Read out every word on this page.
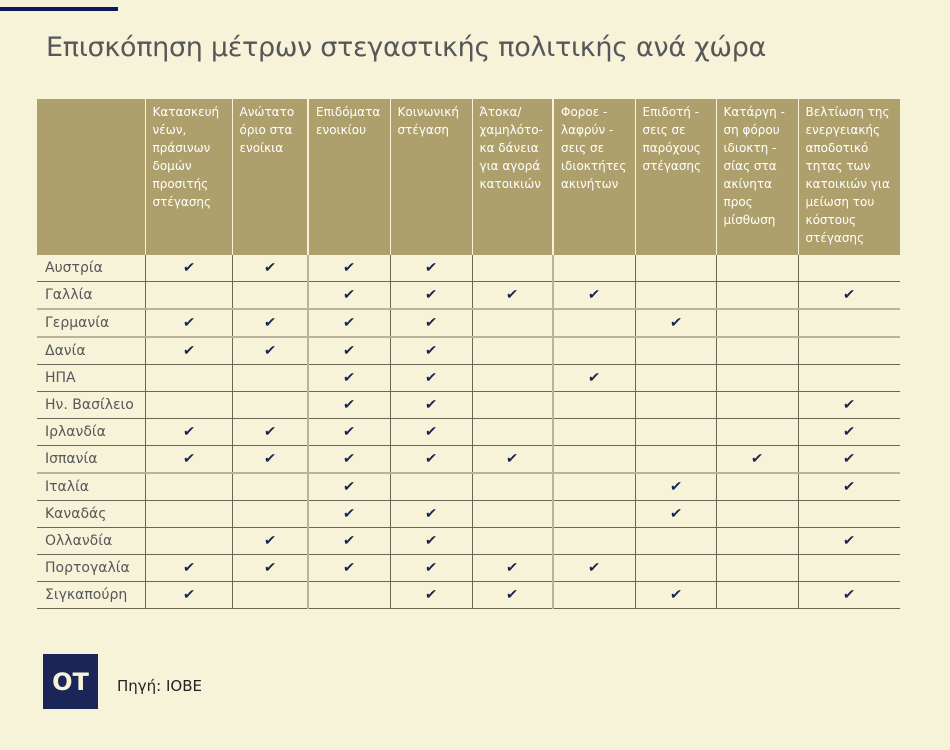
Επισκόπηση μέτρων στεγαστικής πολιτικής ανά χώρα
	Κατασκευή νέων, πράσινων δομών προσιτής στέγασης	Ανώτατο όριο στα ενοίκια	Επιδόματα ενοικίου	Κοινωνική στέγαση	Άτοκα/ χαμηλότο-κα δάνεια για αγορά κατοικιών	Φοροε - λαφρύν - σεις σε ιδιοκτήτες ακινήτων	Επιδοτή - σεις σε παρόχους στέγασης	Κατάργη - ση φόρου ιδιοκτη - σίας στα ακίνητα προς μίσθωση	Βελτίωση της ενεργειακής αποδοτικό τητας των κατοικιών για μείωση του κόστους στέγασης
Αυστρία	✔	✔	✔	✔					
Γαλλία			✔	✔	✔	✔			✔
Γερμανία	✔	✔	✔	✔			✔		
Δανία	✔	✔	✔	✔					
ΗΠΑ			✔	✔		✔			
Ην. Βασίλειο			✔	✔					✔
Ιρλανδία	✔	✔	✔	✔					✔
Ισπανία	✔	✔	✔	✔	✔			✔	✔
Ιταλία			✔				✔		✔
Καναδάς			✔	✔			✔		
Ολλανδία		✔	✔	✔					✔
Πορτογαλία	✔	✔	✔	✔	✔	✔			
Σιγκαπούρη	✔			✔	✔		✔		✔
OT	Πηγή: IOBE
